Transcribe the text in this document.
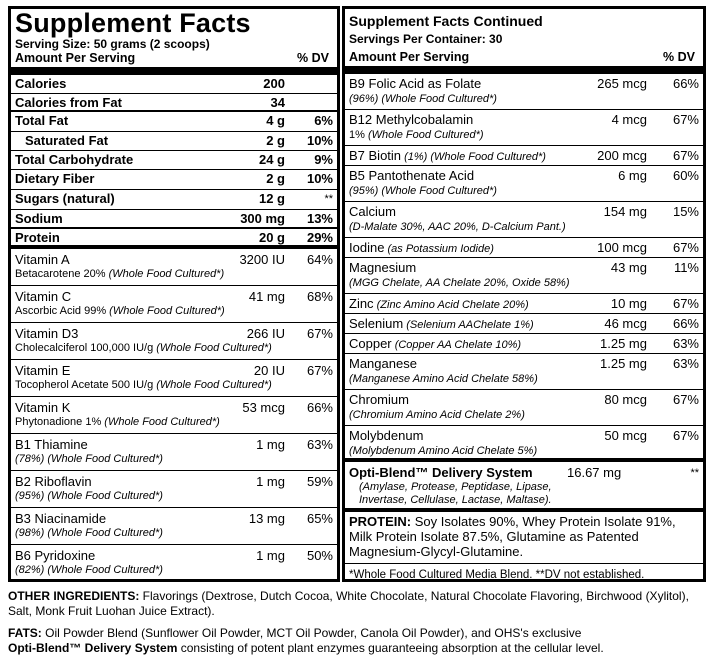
Supplement Facts
Serving Size: 50 grams (2 scoops)
Amount Per Serving	% DV
Calories	200
Calories from Fat	34
Total Fat	4 g	6%
Saturated Fat	2 g	10%
Total Carbohydrate	24 g	9%
Dietary Fiber	2 g	10%
Sugars (natural)	12 g	**
Sodium	300 mg	13%
Protein	20 g	29%
Vitamin A	3200 IU	64%
Betacarotene 20% (Whole Food Cultured*)
Vitamin C	41 mg	68%
Ascorbic Acid 99% (Whole Food Cultured*)
Vitamin D3	266 IU	67%
Cholecalciferol 100,000 IU/g (Whole Food Cultured*)
Vitamin E	20 IU	67%
Tocopherol Acetate 500 IU/g (Whole Food Cultured*)
Vitamin K	53 mcg	66%
Phytonadione 1% (Whole Food Cultured*)
B1 Thiamine	1 mg	63%
(78%) (Whole Food Cultured*)
B2 Riboflavin	1 mg	59%
(95%) (Whole Food Cultured*)
B3 Niacinamide	13 mg	65%
(98%) (Whole Food Cultured*)
B6 Pyridoxine	1 mg	50%
(82%) (Whole Food Cultured*)
Supplement Facts Continued
Servings Per Container: 30
Amount Per Serving	% DV
B9 Folic Acid as Folate	265 mcg	66%
(96%) (Whole Food Cultured*)
B12 Methylcobalamin	4 mcg	67%
1% (Whole Food Cultured*)
B7 Biotin (1%) (Whole Food Cultured*)	200 mcg	67%
B5 Pantothenate Acid	6 mg	60%
(95%) (Whole Food Cultured*)
Calcium	154 mg	15%
(D-Malate 30%, AAC 20%, D-Calcium Pant.)
Iodine (as Potassium Iodide)	100 mcg	67%
Magnesium	43 mg	11%
(MGG Chelate, AA Chelate 20%, Oxide 58%)
Zinc (Zinc Amino Acid Chelate 20%)	10 mg	67%
Selenium (Selenium AAChelate 1%)	46 mcg	66%
Copper (Copper AA Chelate 10%)	1.25 mg	63%
Manganese	1.25 mg	63%
(Manganese Amino Acid Chelate 58%)
Chromium	80 mcg	67%
(Chromium Amino Acid Chelate 2%)
Molybdenum	50 mcg	67%
(Molybdenum Amino Acid Chelate 5%)
Opti-Blend™ Delivery System	16.67 mg	**
(Amylase, Protease, Peptidase, Lipase,
Invertase, Cellulase, Lactase, Maltase).
PROTEIN: Soy Isolates 90%, Whey Protein Isolate 91%, Milk Protein Isolate 87.5%, Glutamine as Patented Magnesium-Glycyl-Glutamine.
*Whole Food Cultured Media Blend. **DV not established.
OTHER INGREDIENTS: Flavorings (Dextrose, Dutch Cocoa, White Chocolate, Natural Chocolate Flavoring, Birchwood (Xylitol), Salt, Monk Fruit Luohan Juice Extract).
FATS: Oil Powder Blend (Sunflower Oil Powder, MCT Oil Powder, Canola Oil Powder), and OHS's exclusive
Opti-Blend™ Delivery System consisting of potent plant enzymes guaranteeing absorption at the cellular level.
